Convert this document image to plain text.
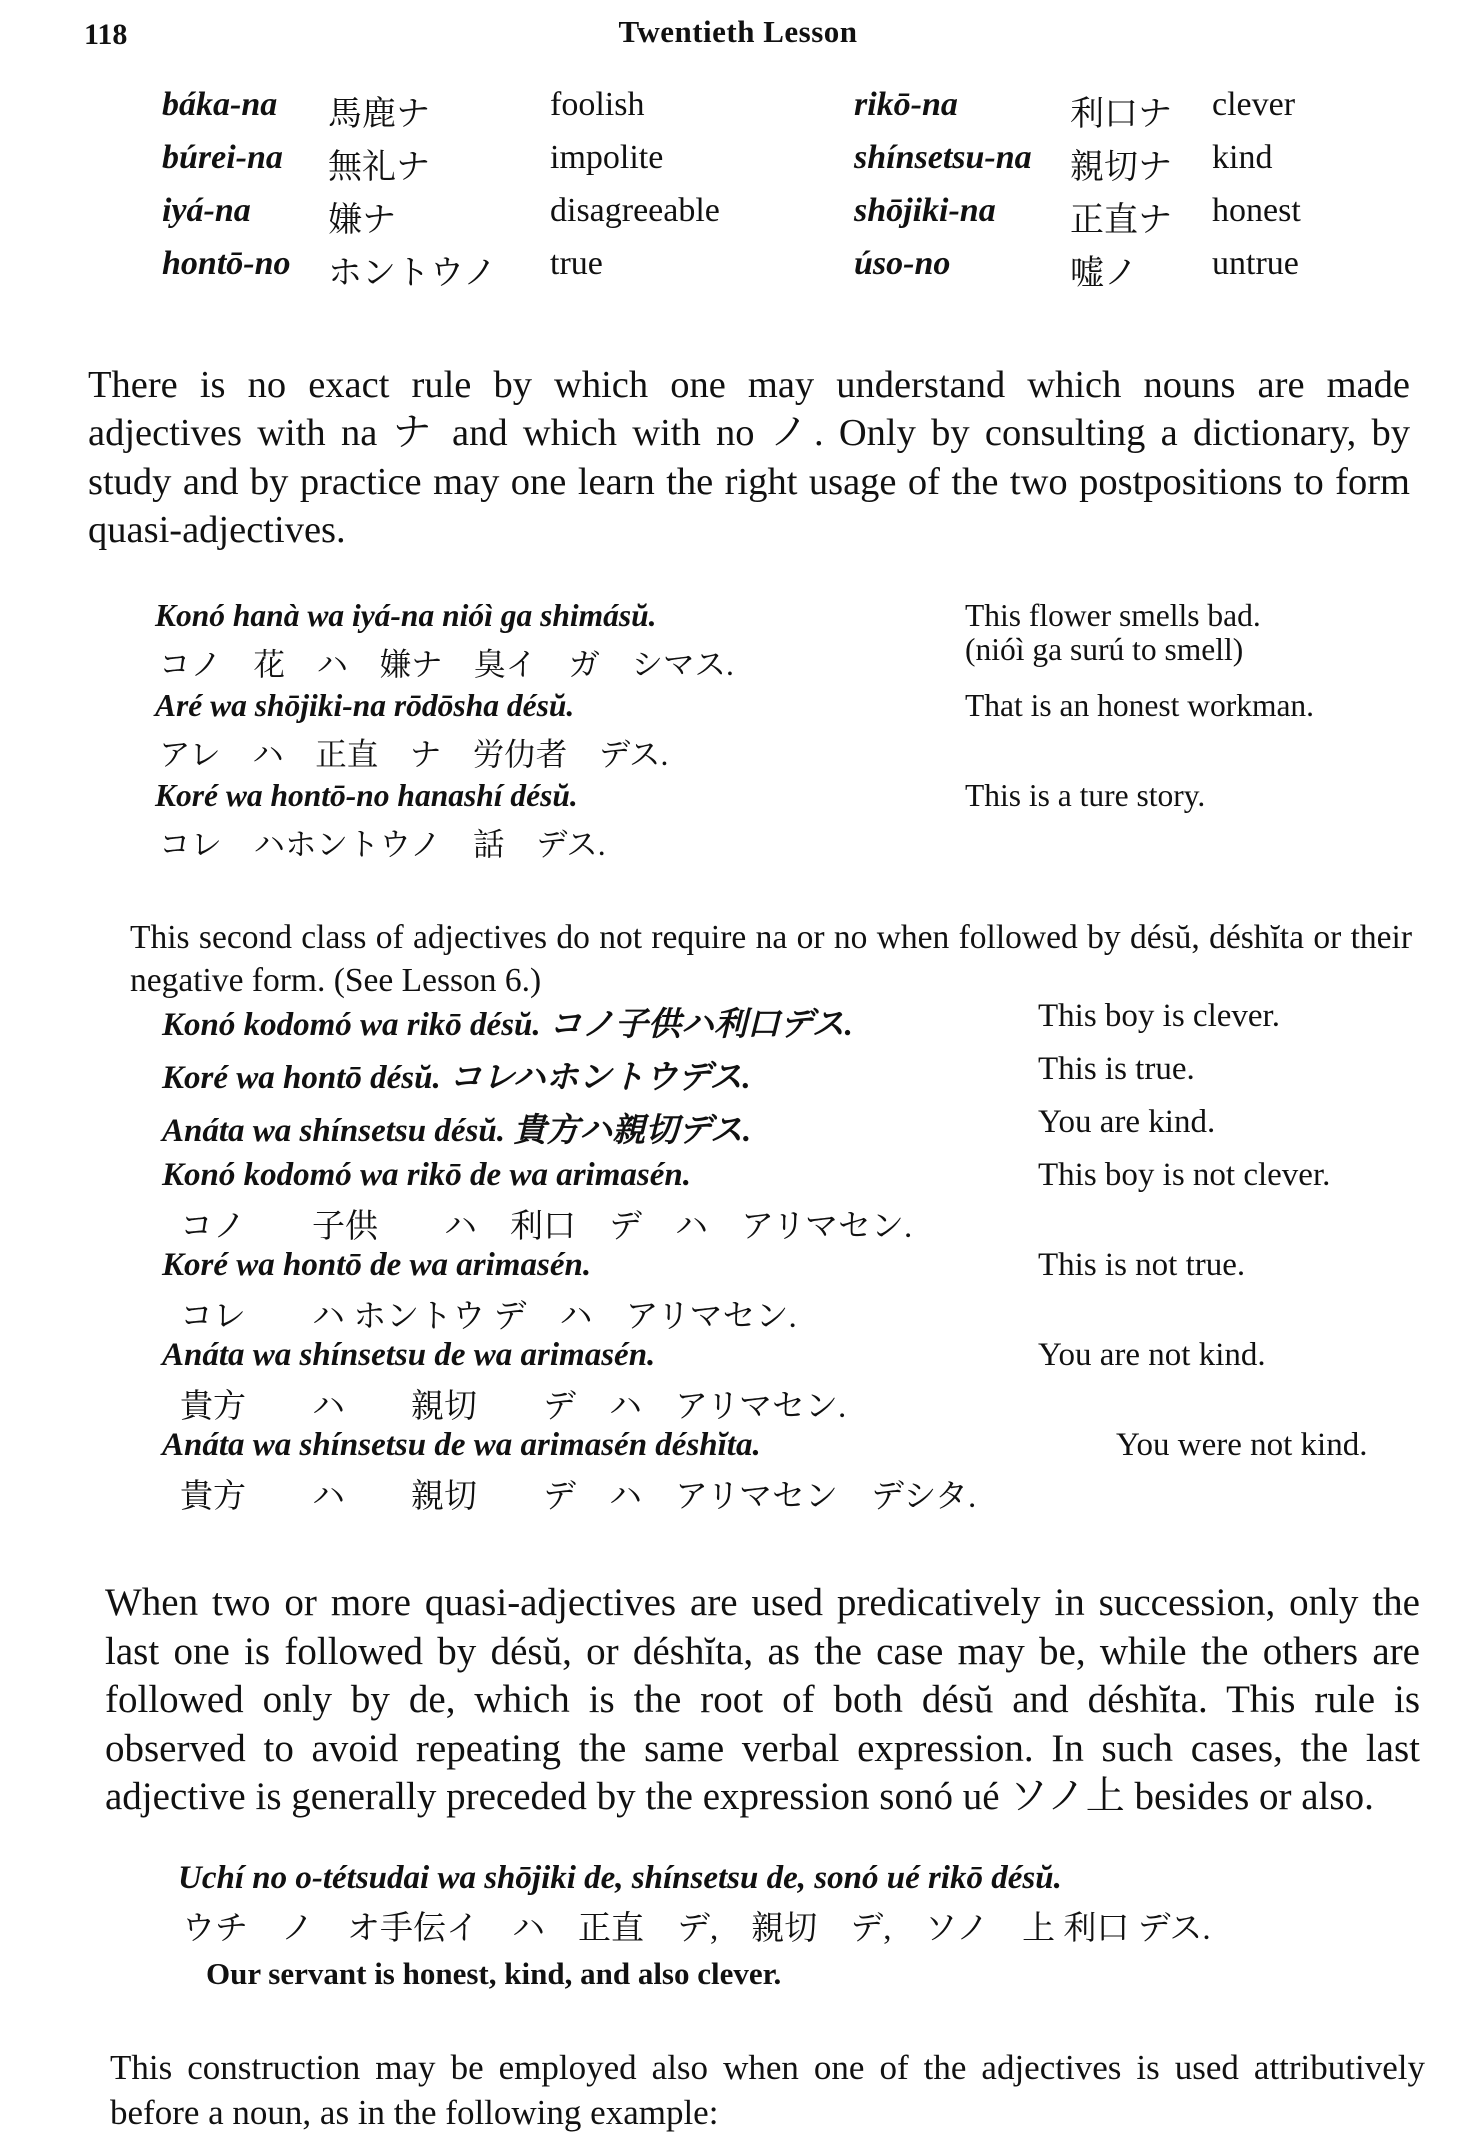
118	Twentieth Lesson
báka-na 馬鹿ナ	foolish	rikō-na	利口ナ clever
búrei-na 無礼ナ	impolite	shínsetsu-na 親切ナ kind
iyá-na 嫌ナ	disagreeable	shōjiki-na 正直ナ honest
hontō-no ホントウノ true	úso-no	嘘ノ untrue

There is no exact rule by which one may understand which nouns are made adjectives with na ナ and which with no ノ. Only by consulting a dictionary, by study and by practice may one learn the right usage of the two postpositions to form quasi-adjectives.

Konó hanà wa iyá-na nióì ga shimásŭ.
コノ　花　ハ　嫌ナ　臭イ　ガ　シマス.
This flower smells bad.
(nióì ga surú to smell)
Aré wa shōjiki-na rōdōsha désŭ.
アレ　ハ　正直　ナ　労仂者　デス.
That is an honest workman.
Koré wa hontō-no hanashí désŭ.
コレ　ハホントウノ　話　デス.
This is a ture story.

This second class of adjectives do not require na or no when followed by désŭ, déshĭta or their negative form. (See Lesson 6.)

Konó kodomó wa rikō désŭ. コノ子供ハ利口デス.	This boy is clever.
Koré wa hontō désŭ. コレハホントウデス.	This is true.
Anáta wa shínsetsu désŭ. 貴方ハ親切デス.	You are kind.
Konó kodomó wa rikō de wa arimasén.
コノ　　子供　　ハ　利口　デ　ハ　アリマセン.
This boy is not clever.
Koré wa hontō de wa arimasén.
コレ　　ハ ホントウ デ　ハ　アリマセン.
This is not true.
Anáta wa shínsetsu de wa arimasén.
貴方　　ハ　　親切　　デ　ハ　アリマセン.
You are not kind.
Anáta wa shínsetsu de wa arimasén déshĭta.
貴方　　ハ　　親切　　デ　ハ　アリマセン　デシタ.
You were not kind.

When two or more quasi-adjectives are used predicatively in succession, only the last one is followed by désŭ, or déshĭta, as the case may be, while the others are followed only by de, which is the root of both désŭ and déshĭta. This rule is observed to avoid repeating the same verbal expression. In such cases, the last adjective is generally preceded by the expression sonó ué ソノ上 besides or also.

Uchí no o-tétsudai wa shōjiki de, shínsetsu de, sonó ué rikō désŭ.
ウチ　ノ　オ手伝イ　ハ　正直　デ,　親切　デ,　ソノ　上 利口 デス.
Our servant is honest, kind, and also clever.

This construction may be employed also when one of the adjectives is used attributively before a noun, as in the following example:
